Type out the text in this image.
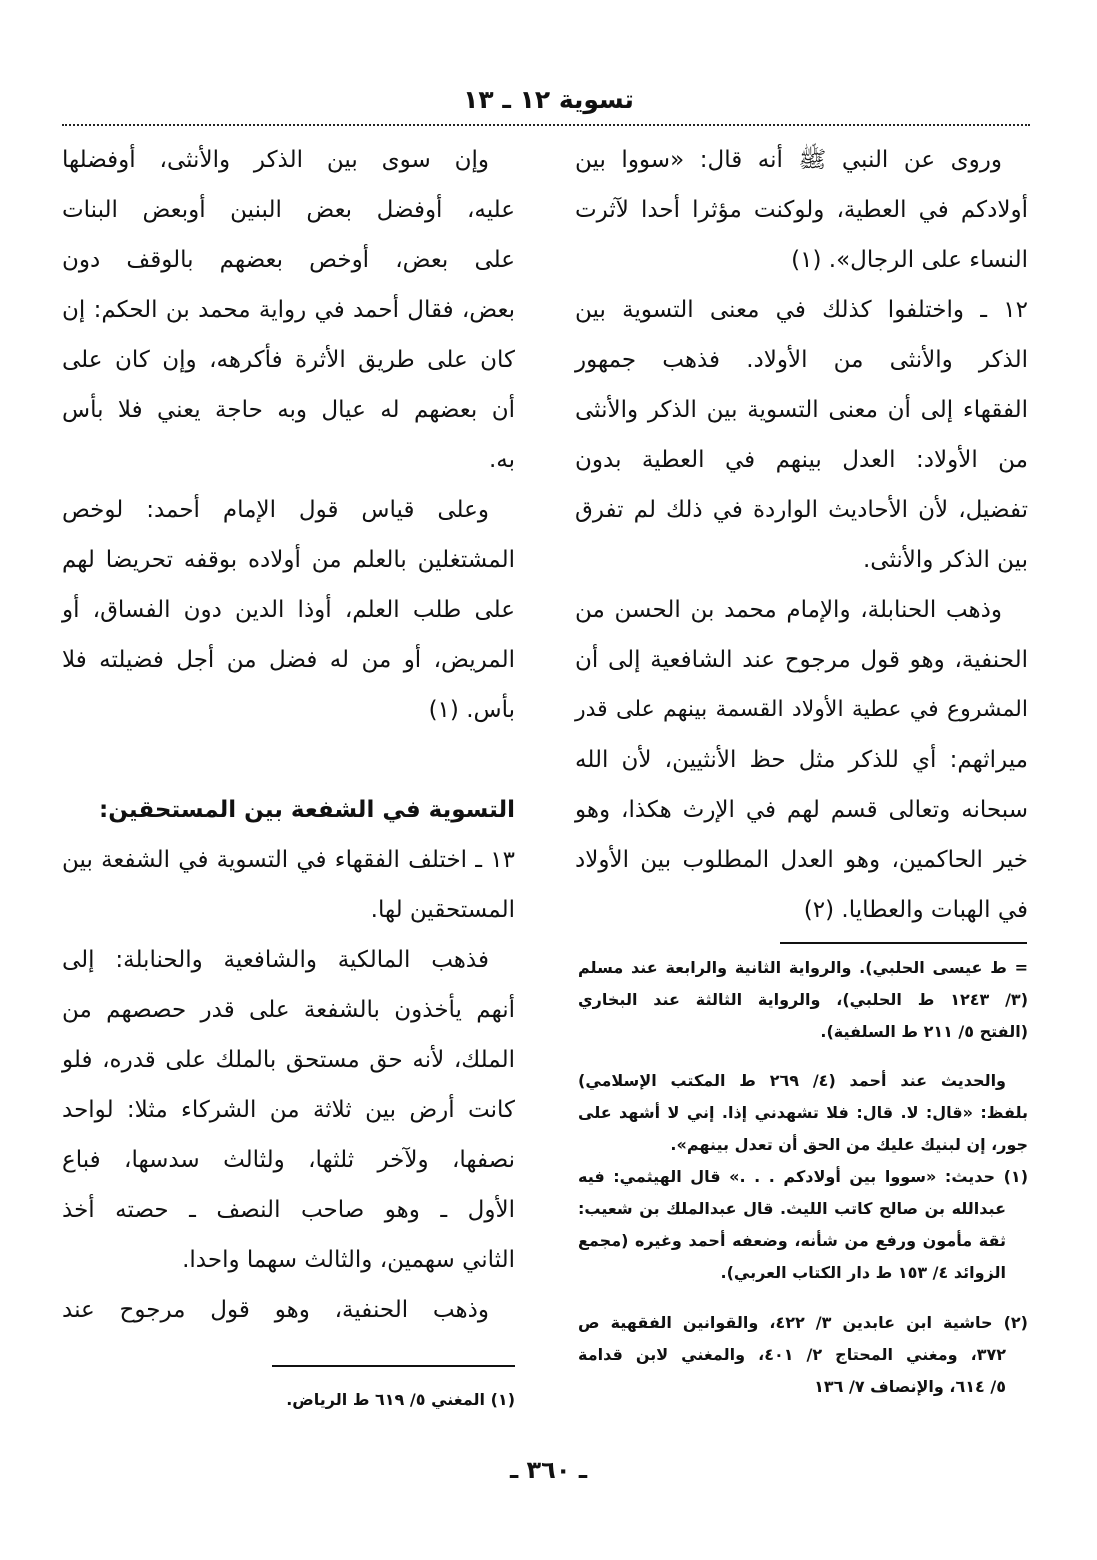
تسوية ١٢ ـ ١٣
وروى عن النبي ﷺ أنه قال: «سووا بين
أولادكم في العطية، ولوكنت مؤثرا أحدا لآثرت
النساء على الرجال». (١)
١٢ ـ واختلفوا كذلك في معنى التسوية بين
الذكر والأنثى من الأولاد. فذهب جمهور
الفقهاء إلى أن معنى التسوية بين الذكر والأنثى
من الأولاد: العدل بينهم في العطية بدون
تفضيل، لأن الأحاديث الواردة في ذلك لم تفرق
بين الذكر والأنثى.
وذهب الحنابلة، والإمام محمد بن الحسن من
الحنفية، وهو قول مرجوح عند الشافعية إلى أن
المشروع في عطية الأولاد القسمة بينهم على قدر
ميراثهم: أي للذكر مثل حظ الأنثيين، لأن الله
سبحانه وتعالى قسم لهم في الإرث هكذا، وهو
خير الحاكمين، وهو العدل المطلوب بين الأولاد
في الهبات والعطايا. (٢)
= ط عيسى الحلبي). والرواية الثانية والرابعة عند مسلم
(٣/ ١٢٤٣ ط الحلبي)، والرواية الثالثة عند البخاري
(الفتح ٥/ ٢١١ ط السلفية).
والحديث عند أحمد (٤/ ٢٦٩ ط المكتب الإسلامي)
بلفظ: «قال: لا. قال: فلا تشهدني إذا. إني لا أشهد على
جور، إن لبنيك عليك من الحق أن تعدل بينهم».
(١) حديث: «سووا بين أولادكم . . .» قال الهيثمي: فيه
عبدالله بن صالح كاتب الليث. قال عبدالملك بن شعيب:
ثقة مأمون ورفع من شأنه، وضعفه أحمد وغيره (مجمع
الزوائد ٤/ ١٥٣ ط دار الكتاب العربي).
(٢) حاشية ابن عابدين ٣/ ٤٢٢، والقوانين الفقهية ص
٣٧٢، ومغني المحتاج ٢/ ٤٠١، والمغني لابن قدامة
٥/ ٦١٤، والإنصاف ٧/ ١٣٦
وإن سوى بين الذكر والأنثى، أوفضلها
عليه، أوفضل بعض البنين أوبعض البنات
على بعض، أوخص بعضهم بالوقف دون
بعض، فقال أحمد في رواية محمد بن الحكم: إن
كان على طريق الأثرة فأكرهه، وإن كان على
أن بعضهم له عيال وبه حاجة يعني فلا بأس
به.
وعلى قياس قول الإمام أحمد: لوخص
المشتغلين بالعلم من أولاده بوقفه تحريضا لهم
على طلب العلم، أوذا الدين دون الفساق، أو
المريض، أو من له فضل من أجل فضيلته فلا
بأس. (١)
التسوية في الشفعة بين المستحقين:
١٣ ـ اختلف الفقهاء في التسوية في الشفعة بين
المستحقين لها.
فذهب المالكية والشافعية والحنابلة: إلى
أنهم يأخذون بالشفعة على قدر حصصهم من
الملك، لأنه حق مستحق بالملك على قدره، فلو
كانت أرض بين ثلاثة من الشركاء مثلا: لواحد
نصفها، ولآخر ثلثها، ولثالث سدسها، فباع
الأول ـ وهو صاحب النصف ـ حصته أخذ
الثاني سهمين، والثالث سهما واحدا.
وذهب الحنفية، وهو قول مرجوح عند
(١) المغني ٥/ ٦١٩ ط الرياض.
ـ ٣٦٠ ـ
